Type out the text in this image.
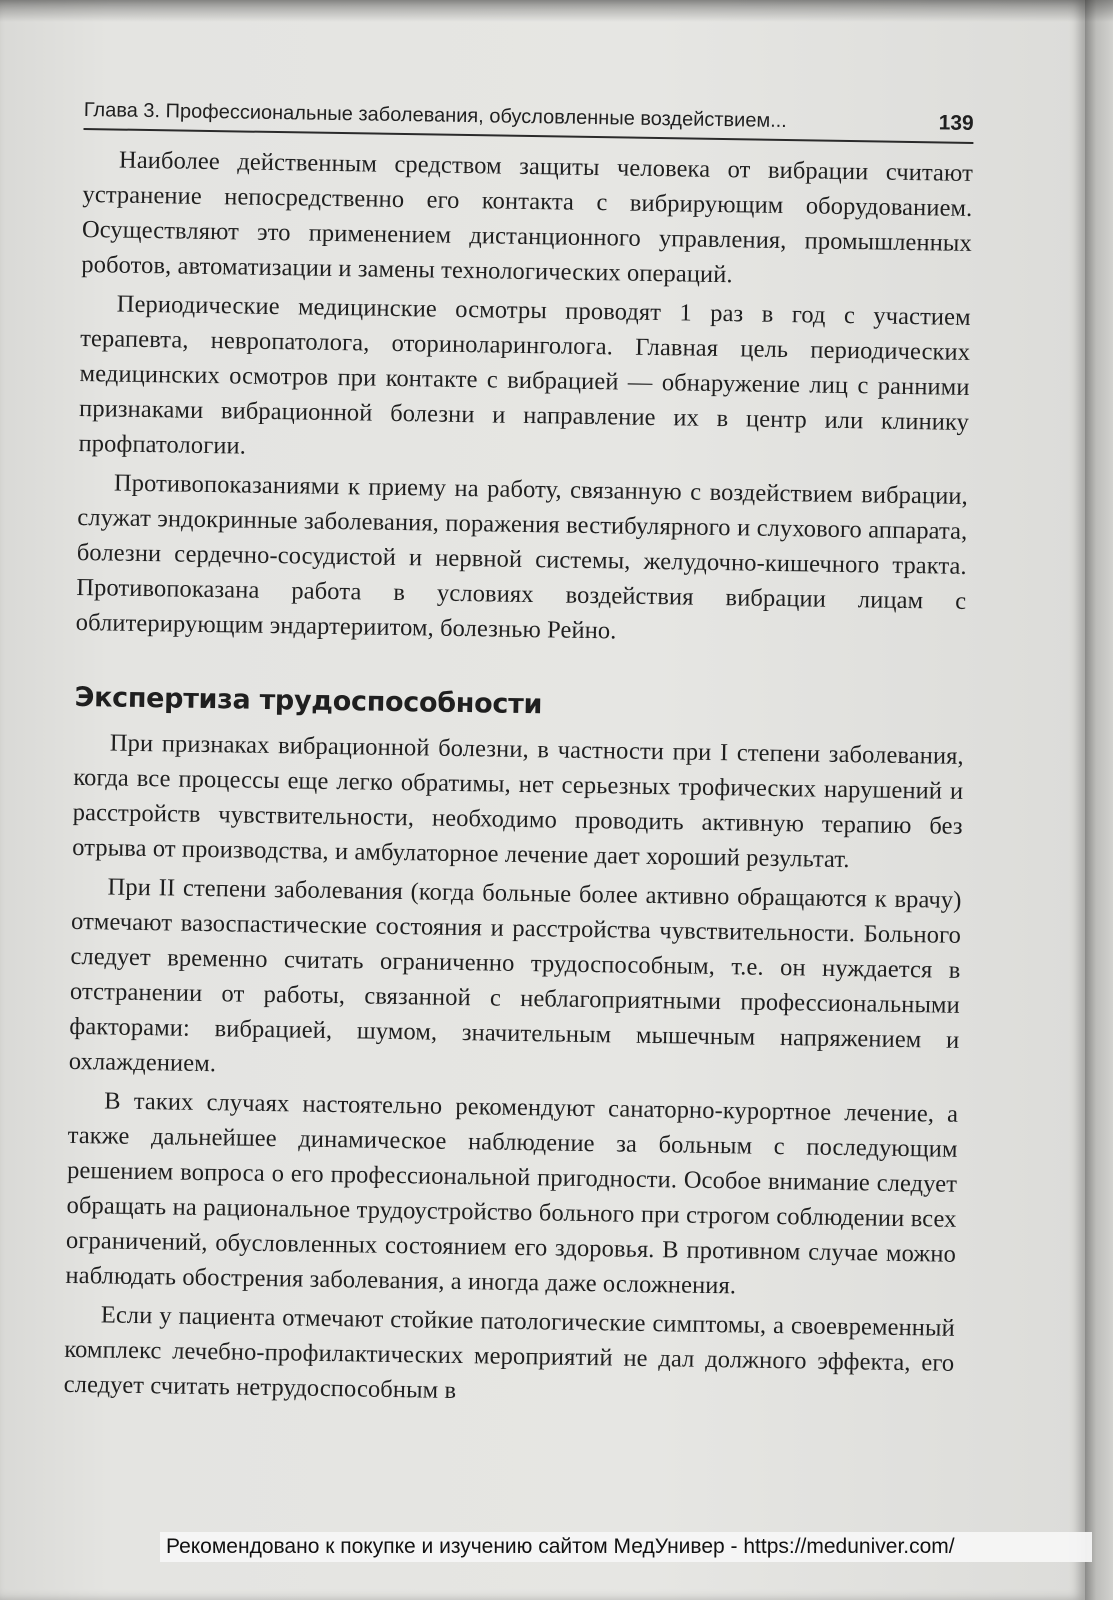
Глава 3. Профессиональные заболевания, обусловленные воздействием...	139

Наиболее действенным средством защиты человека от вибрации считают устранение непосредственно его контакта с вибрирующим оборудованием. Осуществляют это применением дистанционного управления, промышленных роботов, автоматизации и замены технологических операций.

Периодические медицинские осмотры проводят 1 раз в год с участием терапевта, невропатолога, оториноларинголога. Главная цель периодических медицинских осмотров при контакте с вибрацией — обнаружение лиц с ранними признаками вибрационной болезни и направление их в центр или клинику профпатологии.

Противопоказаниями к приему на работу, связанную с воздействием вибрации, служат эндокринные заболевания, поражения вестибулярного и слухового аппарата, болезни сердечно-сосудистой и нервной системы, желудочно-кишечного тракта. Противопоказана работа в условиях воздействия вибрации лицам с облитерирующим эндартериитом, болезнью Рейно.

Экспертиза трудоспособности

При признаках вибрационной болезни, в частности при I степени заболевания, когда все процессы еще легко обратимы, нет серьезных трофических нарушений и расстройств чувствительности, необходимо проводить активную терапию без отрыва от производства, и амбулаторное лечение дает хороший результат.

При II степени заболевания (когда больные более активно обращаются к врачу) отмечают вазоспастические состояния и расстройства чувствительности. Больного следует временно считать ограниченно трудоспособным, т.е. он нуждается в отстранении от работы, связанной с неблагоприятными профессиональными факторами: вибрацией, шумом, значительным мышечным напряжением и охлаждением.

В таких случаях настоятельно рекомендуют санаторно-курортное лечение, а также дальнейшее динамическое наблюдение за больным с последующим решением вопроса о его профессиональной пригодности. Особое внимание следует обращать на рациональное трудоустройство больного при строгом соблюдении всех ограничений, обусловленных состоянием его здоровья. В противном случае можно наблюдать обострения заболевания, а иногда даже осложнения.

Если у пациента отмечают стойкие патологические симптомы, а своевременный комплекс лечебно-профилактических мероприятий не дал должного эффекта, его следует считать нетрудоспособным в

Рекомендовано к покупке и изучению сайтом МедУнивер - https://meduniver.com/
